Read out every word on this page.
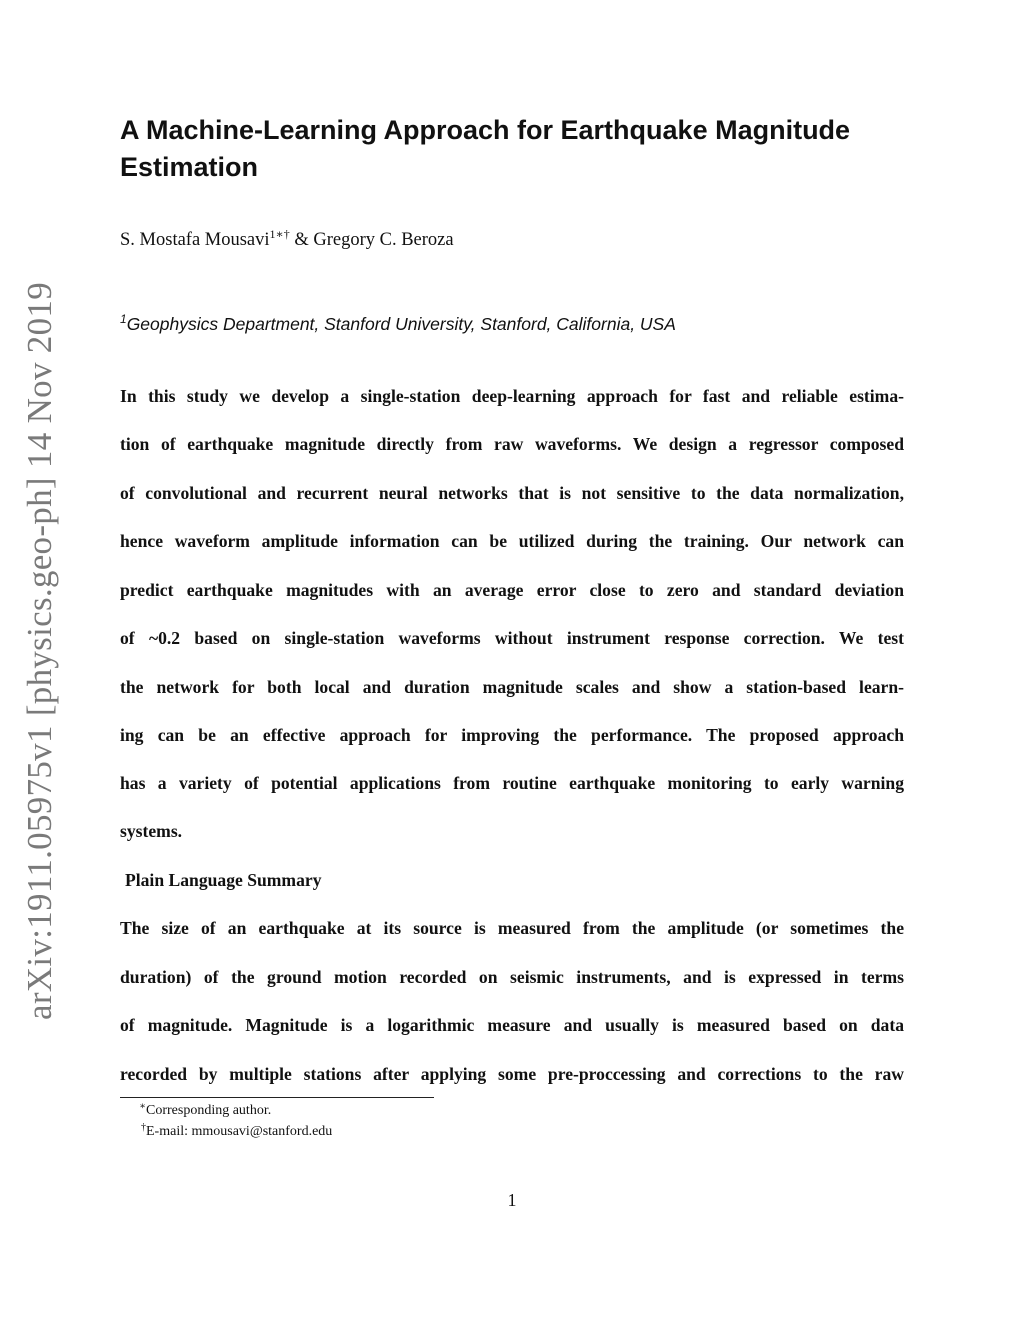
arXiv:1911.05975v1 [physics.geo-ph] 14 Nov 2019
A Machine-Learning Approach for Earthquake Magnitude Estimation
S. Mostafa Mousavi$^{1∗\dagger}$ & Gregory C. Beroza
$^1$Geophysics Department, Stanford University, Stanford, California, USA
In this study we develop a single-station deep-learning approach for fast and reliable estima-
tion of earthquake magnitude directly from raw waveforms. We design a regressor composed
of convolutional and recurrent neural networks that is not sensitive to the data normalization,
hence waveform amplitude information can be utilized during the training. Our network can
predict earthquake magnitudes with an average error close to zero and standard deviation
of ~0.2 based on single-station waveforms without instrument response correction. We test
the network for both local and duration magnitude scales and show a station-based learn-
ing can be an effective approach for improving the performance. The proposed approach
has a variety of potential applications from routine earthquake monitoring to early warning
systems.
Plain Language Summary
The size of an earthquake at its source is measured from the amplitude (or sometimes the
duration) of the ground motion recorded on seismic instruments, and is expressed in terms
of magnitude. Magnitude is a logarithmic measure and usually is measured based on data
recorded by multiple stations after applying some pre-proccessing and corrections to the raw
∗Corresponding author.
†E-mail: mmousavi@stanford.edu
1
